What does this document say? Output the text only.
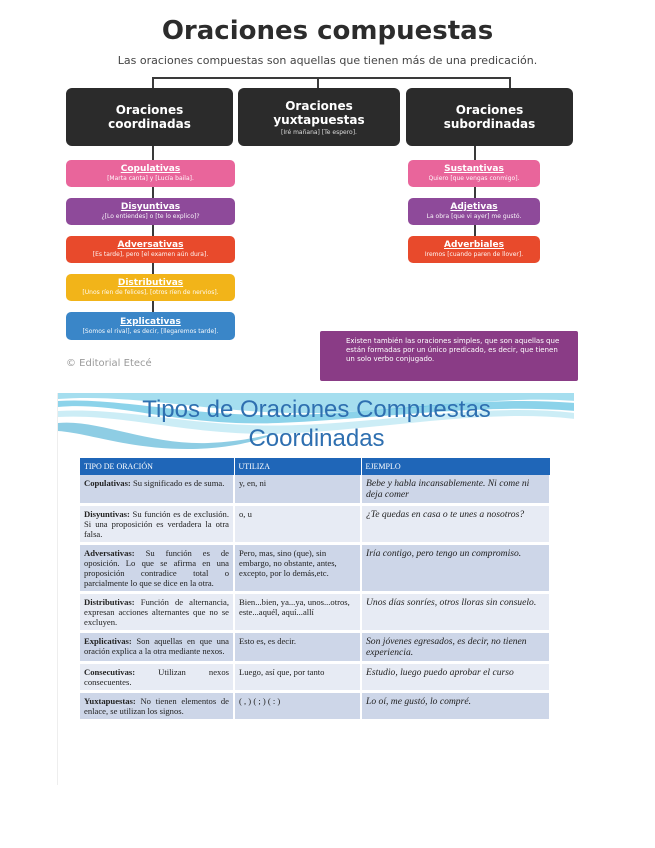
Oraciones compuestas
Las oraciones compuestas son aquellas que tienen más de una predicación.
Oraciones coordinadas
Oraciones yuxtapuestas
[Iré mañana] [Te espero].
Oraciones subordinadas
Copulativas
[Marta canta] y [Lucía baila].
Disyuntivas
¿[Lo entiendes] o [te lo explico]?
Adversativas
[Es tarde], pero [el examen aún dura].
Distributivas
[Unos ríen de felices], [otros ríen de nervios].
Explicativas
[Somos el rival], es decir, [llegaremos tarde].
Sustantivas
Quiero [que vengas conmigo].
Adjetivas
La obra [que vi ayer] me gustó.
Adverbiales
Iremos [cuando paren de llover].
Existen también las oraciones simples, que son aquellas que están formadas por un único predicado, es decir, que tienen un solo verbo conjugado.
© Editorial Etecé
Tipos de Oraciones Compuestas Coordinadas
TIPO DE ORACIÓN	UTILIZA	EJEMPLO
Copulativas: Su significado es de suma.	y, en, ni	Bebe y habla incansablemente. Ni come ni deja comer
Disyuntivas: Su función es de exclusión. Si una proposición es verdadera la otra falsa.	o, u	¿Te quedas en casa o te unes a nosotros?
Adversativas: Su función es de oposición. Lo que se afirma en una proposición contradice total o parcialmente lo que se dice en la otra.	Pero, mas, sino (que), sin embargo, no obstante, antes, excepto, por lo demás,etc.	Iría contigo, pero tengo un compromiso.
Distributivas: Función de alternancia, expresan acciones alternantes que no se excluyen.	Bien...bien, ya...ya, unos...otros, este...aquél, aquí...allí	Unos días sonríes, otros lloras sin consuelo.
Explicativas: Son aquellas en que una oración explica a la otra mediante nexos.	Esto es, es decir.	Son jóvenes egresados, es decir, no tienen experiencia.
Consecutivas: Utilizan nexos consecuentes.	Luego, así que, por tanto	Estudio, luego puedo aprobar el curso
Yuxtapuestas: No tienen elementos de enlace, se utilizan los signos.	( , ) ( ; ) ( : )	Lo oí, me gustó, lo compré.
